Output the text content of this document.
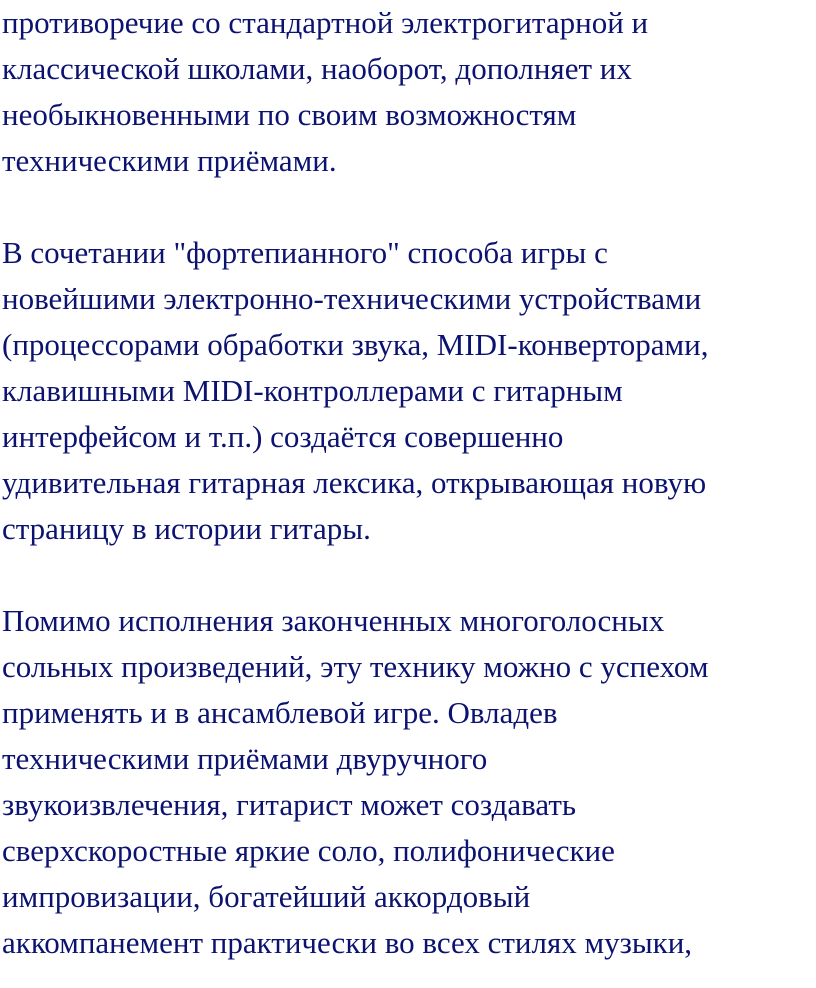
противоречие со стандартной электрогитарной и
классической школами, наоборот, дополняет их
необыкновенными по своим возможностям
техническими приёмами.

В сочетании "фортепианного" способа игры с
новейшими электронно-техническими устройствами
(процессорами обработки звука, MIDI-конверторами,
клавишными MIDI-контроллерами с гитарным
интерфейсом и т.п.) создаётся совершенно
удивительная гитарная лексика, открывающая новую
страницу в истории гитары.

Помимо исполнения законченных многоголосных
сольных произведений, эту технику можно с успехом
применять и в ансамблевой игре. Овладев
техническими приёмами двуручного
звукоизвлечения, гитарист может создавать
сверхскоростные яркие соло, полифонические
импровизации, богатейший аккордовый
аккомпанемент практически во всех стилях музыки,
